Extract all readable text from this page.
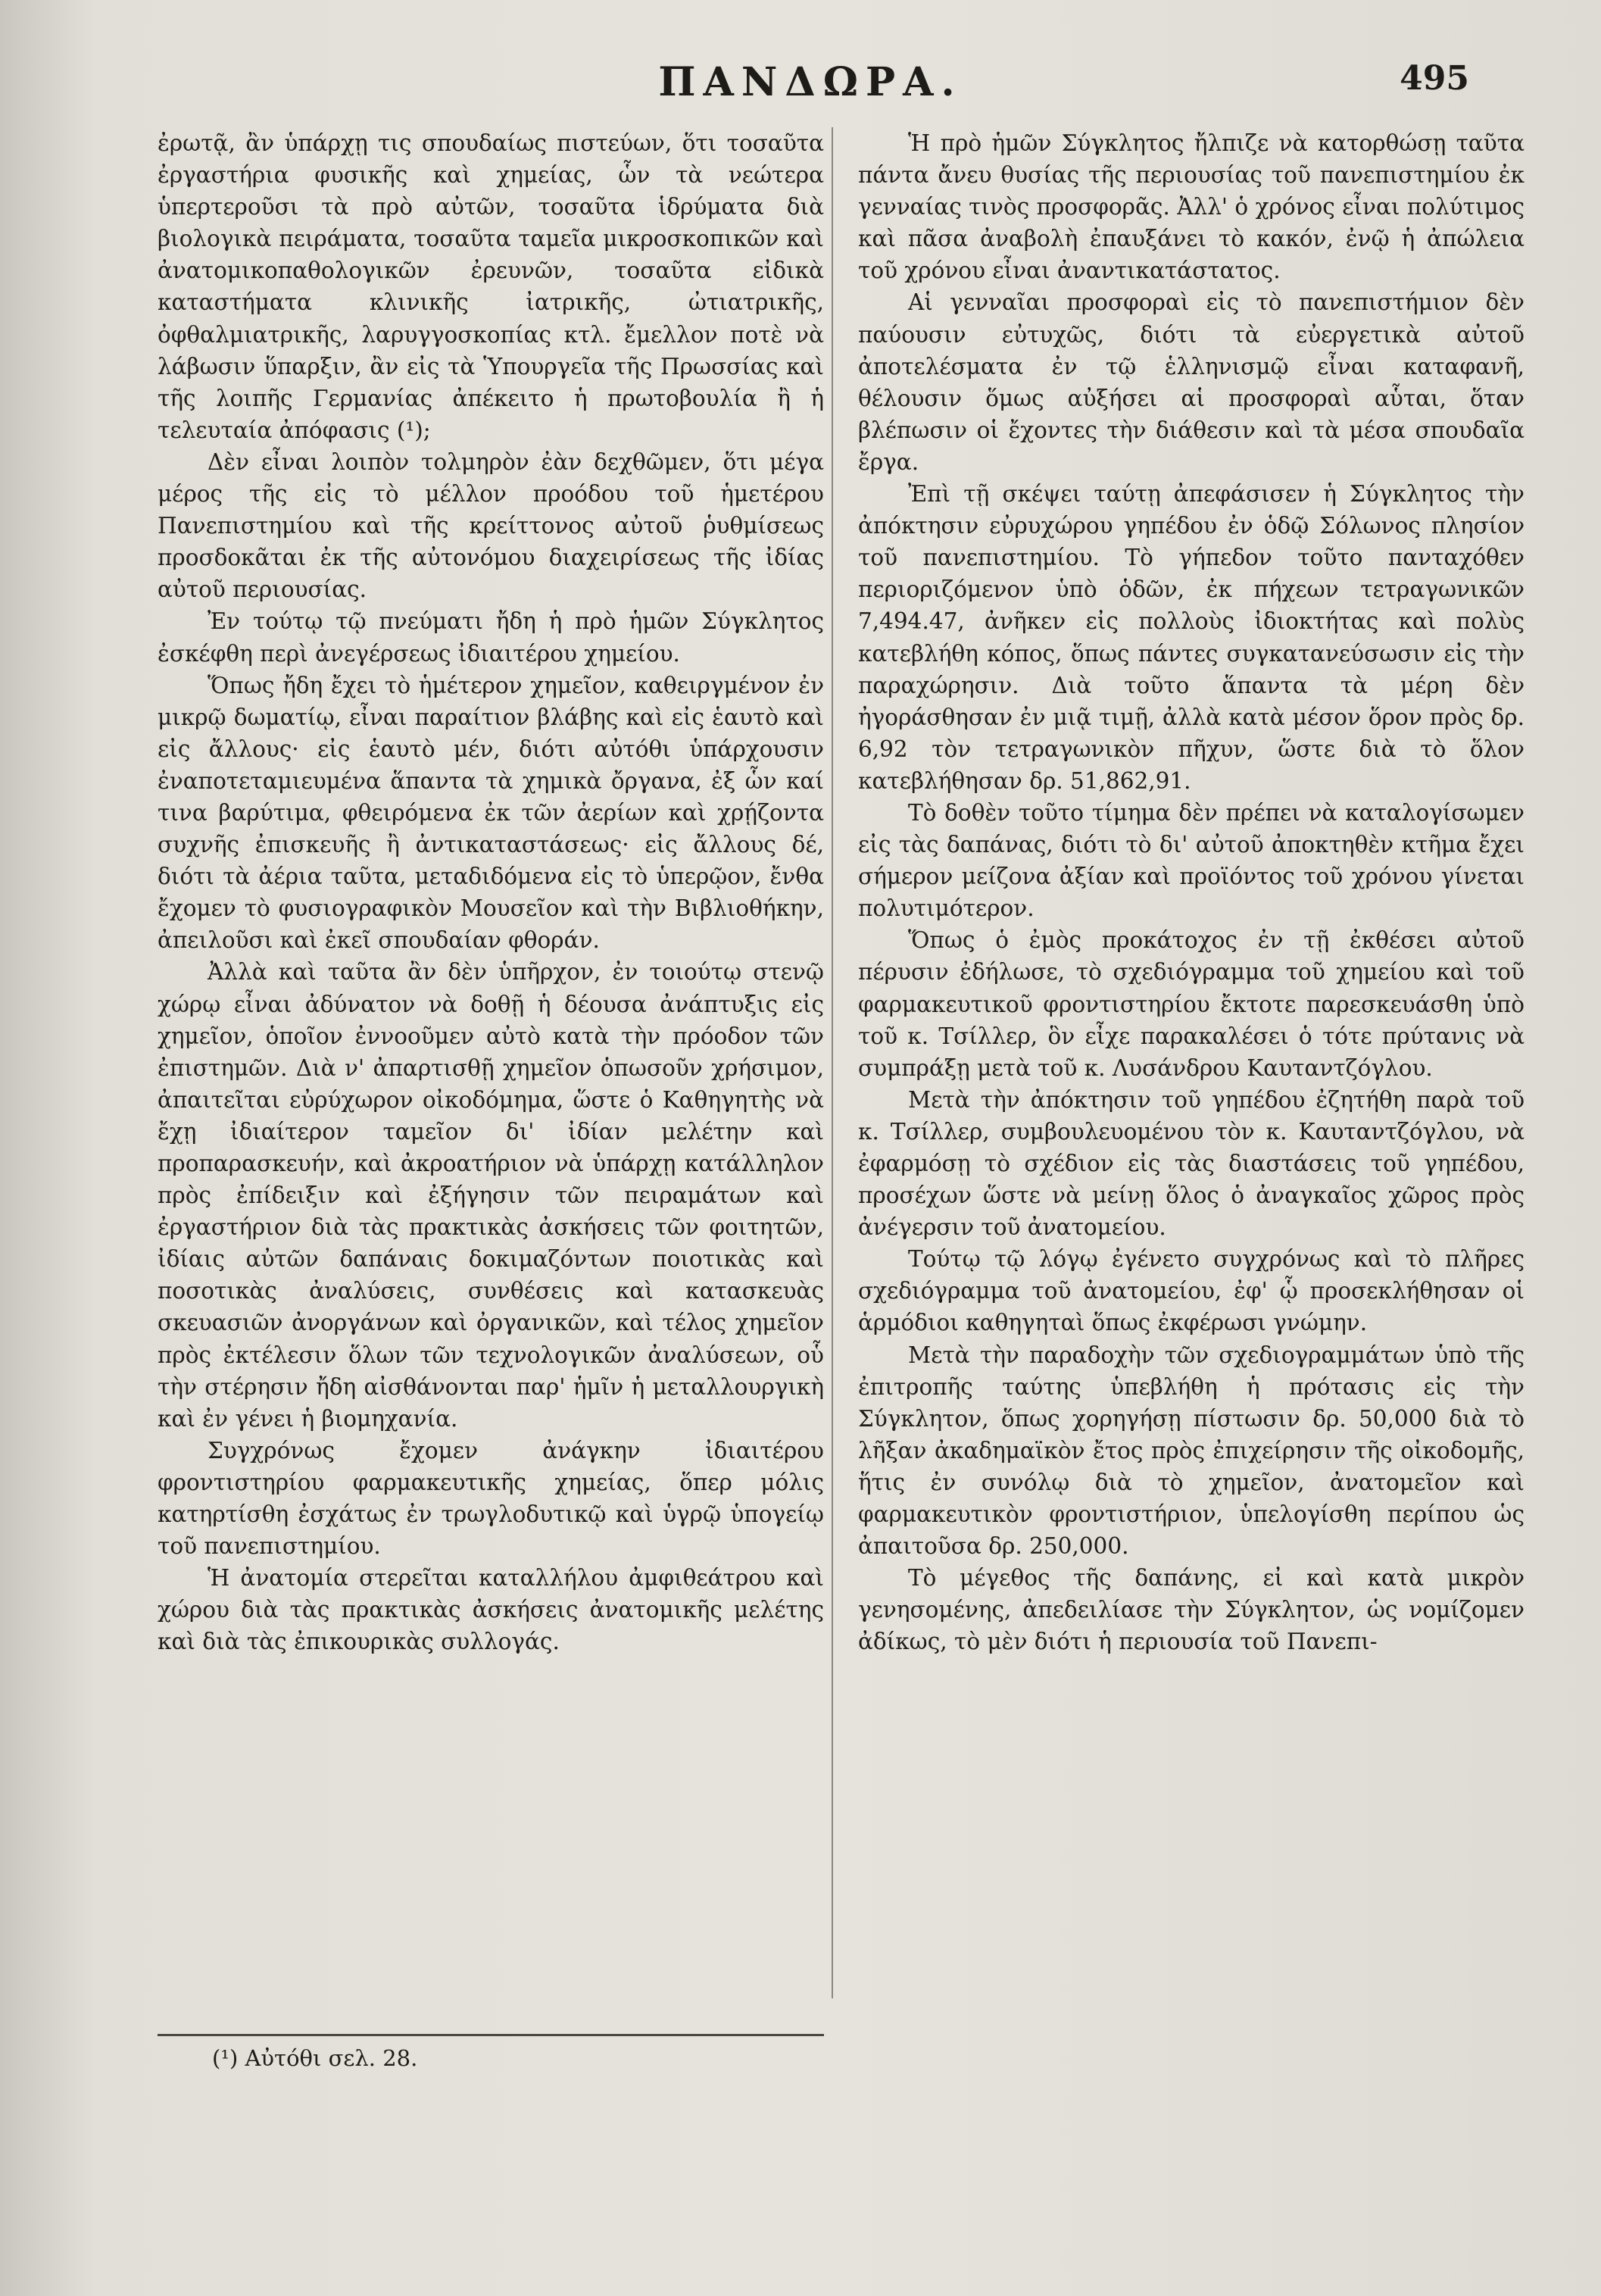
ΠΑΝΔΩΡΑ.	495

ἐρωτᾷ, ἂν ὑπάρχῃ τις σπουδαίως πιστεύων, ὅτι τοσαῦτα ἐργαστήρια φυσικῆς καὶ χημείας, ὧν τὰ νεώτερα ὑπερτεροῦσι τὰ πρὸ αὐτῶν, τοσαῦτα ἱδρύματα διὰ βιολογικὰ πειράματα, τοσαῦτα ταμεῖα μικροσκοπικῶν καὶ ἀνατομικοπαθολογικῶν ἐρευνῶν, τοσαῦτα εἰδικὰ καταστήματα κλινικῆς ἰατρικῆς, ὠτιατρικῆς, ὀφθαλμιατρικῆς, λαρυγγοσκοπίας κτλ. ἔμελλον ποτὲ νὰ λάβωσιν ὕπαρξιν, ἂν εἰς τὰ Ὑπουργεῖα τῆς Πρωσσίας καὶ τῆς λοιπῆς Γερμανίας ἀπέκειτο ἡ πρωτοβουλία ἢ ἡ τελευταία ἀπόφασις (¹);

Δὲν εἶναι λοιπὸν τολμηρὸν ἐὰν δεχθῶμεν, ὅτι μέγα μέρος τῆς εἰς τὸ μέλλον προόδου τοῦ ἡμετέρου Πανεπιστημίου καὶ τῆς κρείττονος αὐτοῦ ῥυθμίσεως προσδοκᾶται ἐκ τῆς αὐτονόμου διαχειρίσεως τῆς ἰδίας αὐτοῦ περιουσίας.

Ἐν τούτῳ τῷ πνεύματι ἤδη ἡ πρὸ ἡμῶν Σύγκλητος ἐσκέφθη περὶ ἀνεγέρσεως ἰδιαιτέρου χημείου.

Ὅπως ἤδη ἔχει τὸ ἡμέτερον χημεῖον, καθειργμένον ἐν μικρῷ δωματίῳ, εἶναι παραίτιον βλάβης καὶ εἰς ἑαυτὸ καὶ εἰς ἄλλους· εἰς ἑαυτὸ μέν, διότι αὐτόθι ὑπάρχουσιν ἐναποτεταμιευμένα ἅπαντα τὰ χημικὰ ὄργανα, ἐξ ὧν καί τινα βαρύτιμα, φθειρόμενα ἐκ τῶν ἀερίων καὶ χρῄζοντα συχνῆς ἐπισκευῆς ἢ ἀντικαταστάσεως· εἰς ἄλλους δέ, διότι τὰ ἀέρια ταῦτα, μεταδιδόμενα εἰς τὸ ὑπερῷον, ἔνθα ἔχομεν τὸ φυσιογραφικὸν Μουσεῖον καὶ τὴν Βιβλιοθήκην, ἀπειλοῦσι καὶ ἐκεῖ σπουδαίαν φθοράν.

Ἀλλὰ καὶ ταῦτα ἂν δὲν ὑπῆρχον, ἐν τοιούτῳ στενῷ χώρῳ εἶναι ἀδύνατον νὰ δοθῇ ἡ δέουσα ἀνάπτυξις εἰς χημεῖον, ὁποῖον ἐννοοῦμεν αὐτὸ κατὰ τὴν πρόοδον τῶν ἐπιστημῶν. Διὰ ν' ἀπαρτισθῇ χημεῖον ὁπωσοῦν χρήσιμον, ἀπαιτεῖται εὐρύχωρον οἰκοδόμημα, ὥστε ὁ Καθηγητὴς νὰ ἔχῃ ἰδιαίτερον ταμεῖον δι' ἰδίαν μελέτην καὶ προπαρασκευήν, καὶ ἀκροατήριον νὰ ὑπάρχῃ κατάλληλον πρὸς ἐπίδειξιν καὶ ἐξήγησιν τῶν πειραμάτων καὶ ἐργαστήριον διὰ τὰς πρακτικὰς ἀσκήσεις τῶν φοιτητῶν, ἰδίαις αὐτῶν δαπάναις δοκιμαζόντων ποιοτικὰς καὶ ποσοτικὰς ἀναλύσεις, συνθέσεις καὶ κατασκευὰς σκευασιῶν ἀνοργάνων καὶ ὀργανικῶν, καὶ τέλος χημεῖον πρὸς ἐκτέλεσιν ὅλων τῶν τεχνολογικῶν ἀναλύσεων, οὗ τὴν στέρησιν ἤδη αἰσθάνονται παρ' ἡμῖν ἡ μεταλλουργικὴ καὶ ἐν γένει ἡ βιομηχανία.

Συγχρόνως ἔχομεν ἀνάγκην ἰδιαιτέρου φροντιστηρίου φαρμακευτικῆς χημείας, ὅπερ μόλις κατηρτίσθη ἐσχάτως ἐν τρωγλοδυτικῷ καὶ ὑγρῷ ὑπογείῳ τοῦ πανεπιστημίου.

Ἡ ἀνατομία στερεῖται καταλλήλου ἀμφιθεάτρου καὶ χώρου διὰ τὰς πρακτικὰς ἀσκήσεις ἀνατομικῆς μελέτης καὶ διὰ τὰς ἐπικουρικὰς συλλογάς.

Ἡ πρὸ ἡμῶν Σύγκλητος ἤλπιζε νὰ κατορθώσῃ ταῦτα πάντα ἄνευ θυσίας τῆς περιουσίας τοῦ πανεπιστημίου ἐκ γενναίας τινὸς προσφορᾶς. Ἀλλ' ὁ χρόνος εἶναι πολύτιμος καὶ πᾶσα ἀναβολὴ ἐπαυξάνει τὸ κακόν, ἐνῷ ἡ ἀπώλεια τοῦ χρόνου εἶναι ἀναντικατάστατος.

Αἱ γενναῖαι προσφοραὶ εἰς τὸ πανεπιστήμιον δὲν παύουσιν εὐτυχῶς, διότι τὰ εὐεργετικὰ αὐτοῦ ἀποτελέσματα ἐν τῷ ἑλληνισμῷ εἶναι καταφανῆ, θέλουσιν ὅμως αὐξήσει αἱ προσφοραὶ αὗται, ὅταν βλέπωσιν οἱ ἔχοντες τὴν διάθεσιν καὶ τὰ μέσα σπουδαῖα ἔργα.

Ἐπὶ τῇ σκέψει ταύτῃ ἀπεφάσισεν ἡ Σύγκλητος τὴν ἀπόκτησιν εὐρυχώρου γηπέδου ἐν ὁδῷ Σόλωνος πλησίον τοῦ πανεπιστημίου. Τὸ γήπεδον τοῦτο πανταχόθεν περιοριζόμενον ὑπὸ ὁδῶν, ἐκ πήχεων τετραγωνικῶν 7,494.47, ἀνῆκεν εἰς πολλοὺς ἰδιοκτήτας καὶ πολὺς κατεβλήθη κόπος, ὅπως πάντες συγκατανεύσωσιν εἰς τὴν παραχώρησιν. Διὰ τοῦτο ἅπαντα τὰ μέρη δὲν ἠγοράσθησαν ἐν μιᾷ τιμῇ, ἀλλὰ κατὰ μέσον ὅρον πρὸς δρ. 6,92 τὸν τετραγωνικὸν πῆχυν, ὥστε διὰ τὸ ὅλον κατεβλήθησαν δρ. 51,862,91.

Τὸ δοθὲν τοῦτο τίμημα δὲν πρέπει νὰ καταλογίσωμεν εἰς τὰς δαπάνας, διότι τὸ δι' αὐτοῦ ἀποκτηθὲν κτῆμα ἔχει σήμερον μείζονα ἀξίαν καὶ προϊόντος τοῦ χρόνου γίνεται πολυτιμότερον.

Ὅπως ὁ ἐμὸς προκάτοχος ἐν τῇ ἐκθέσει αὐτοῦ πέρυσιν ἐδήλωσε, τὸ σχεδιόγραμμα τοῦ χημείου καὶ τοῦ φαρμακευτικοῦ φροντιστηρίου ἔκτοτε παρεσκευάσθη ὑπὸ τοῦ κ. Τσίλλερ, ὃν εἶχε παρακαλέσει ὁ τότε πρύτανις νὰ συμπράξῃ μετὰ τοῦ κ. Λυσάνδρου Καυταντζόγλου.

Μετὰ τὴν ἀπόκτησιν τοῦ γηπέδου ἐζητήθη παρὰ τοῦ κ. Τσίλλερ, συμβουλευομένου τὸν κ. Καυταντζόγλου, νὰ ἐφαρμόσῃ τὸ σχέδιον εἰς τὰς διαστάσεις τοῦ γηπέδου, προσέχων ὥστε νὰ μείνῃ ὅλος ὁ ἀναγκαῖος χῶρος πρὸς ἀνέγερσιν τοῦ ἀνατομείου.

Τούτῳ τῷ λόγῳ ἐγένετο συγχρόνως καὶ τὸ πλῆρες σχεδιόγραμμα τοῦ ἀνατομείου, ἐφ' ᾧ προσεκλήθησαν οἱ ἁρμόδιοι καθηγηταὶ ὅπως ἐκφέρωσι γνώμην.

Μετὰ τὴν παραδοχὴν τῶν σχεδιογραμμάτων ὑπὸ τῆς ἐπιτροπῆς ταύτης ὑπεβλήθη ἡ πρότασις εἰς τὴν Σύγκλητον, ὅπως χορηγήσῃ πίστωσιν δρ. 50,000 διὰ τὸ λῆξαν ἀκαδημαϊκὸν ἔτος πρὸς ἐπιχείρησιν τῆς οἰκοδομῆς, ἥτις ἐν συνόλῳ διὰ τὸ χημεῖον, ἀνατομεῖον καὶ φαρμακευτικὸν φροντιστήριον, ὑπελογίσθη περίπου ὡς ἀπαιτοῦσα δρ. 250,000.

Τὸ μέγεθος τῆς δαπάνης, εἰ καὶ κατὰ μικρὸν γενησομένης, ἀπεδειλίασε τὴν Σύγκλητον, ὡς νομίζομεν ἀδίκως, τὸ μὲν διότι ἡ περιουσία τοῦ Πανεπι-

(¹) Αὐτόθι σελ. 28.
